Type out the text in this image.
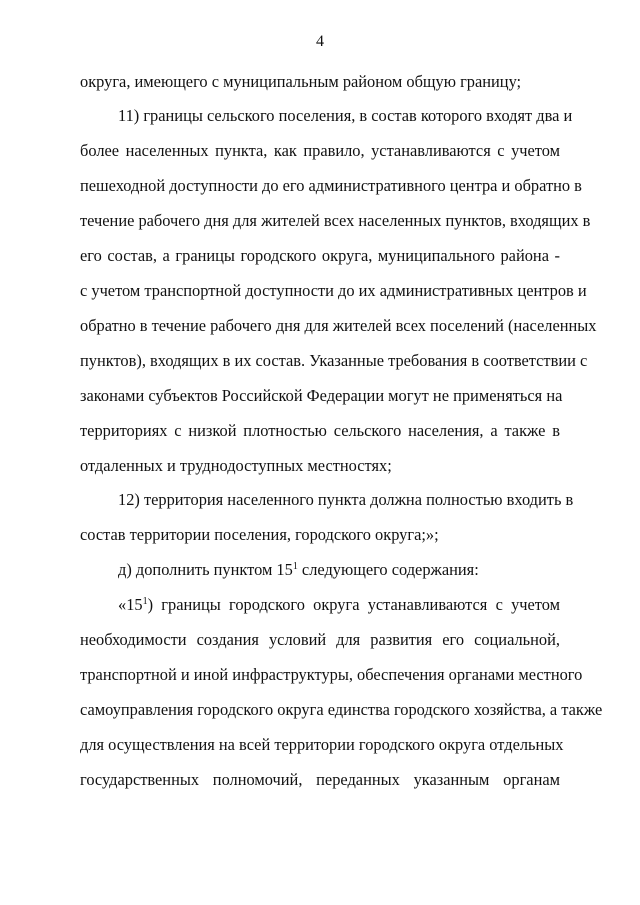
4
округа, имеющего с муниципальным районом общую границу;
11) границы сельского поселения, в состав которого входят два и
более населенных пункта, как правило, устанавливаются с учетом
пешеходной доступности до его административного центра и обратно в
течение рабочего дня для жителей всех населенных пунктов, входящих в
его состав, а границы городского округа, муниципального района -
с учетом транспортной доступности до их административных центров и
обратно в течение рабочего дня для жителей всех поселений (населенных
пунктов), входящих в их состав. Указанные требования в соответствии с
законами субъектов Российской Федерации могут не применяться на
территориях с низкой плотностью сельского населения, а также в
отдаленных и труднодоступных местностях;
12) территория населенного пункта должна полностью входить в
состав территории поселения, городского округа;»;
д) дополнить пунктом $15^1$ следующего содержания:
«$15^1$) границы городского округа устанавливаются с учетом
необходимости создания условий для развития его социальной,
транспортной и иной инфраструктуры, обеспечения органами местного
самоуправления городского округа единства городского хозяйства, а также
для осуществления на всей территории городского округа отдельных
государственных полномочий, переданных указанным органам
